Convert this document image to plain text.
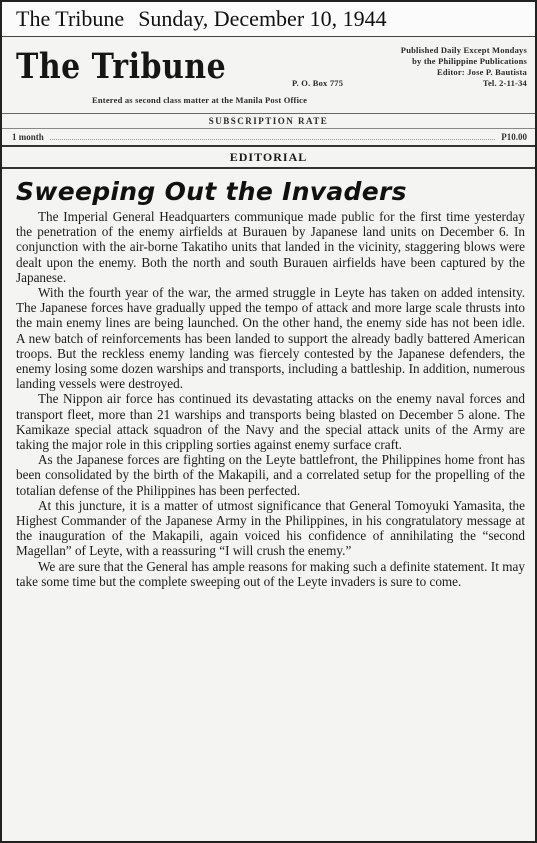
The Tribune Sunday, December 10, 1944
The Tribune	Published Daily Except Mondays
by the Philippine Publications
Editor: Jose P. Bautista
P. O. Box 775	Tel. 2-11-34
Entered as second class matter at the Manila Post Office
SUBSCRIPTION RATE
1 month	P10.00
EDITORIAL
Sweeping Out the Invaders

The Imperial General Headquarters communique made public for the first time yesterday the penetration of the enemy airfields at Burauen by Japanese land units on December 6. In conjunction with the air-borne Takatiho units that landed in the vicinity, staggering blows were dealt upon the enemy. Both the north and south Burauen airfields have been captured by the Japanese.

With the fourth year of the war, the armed struggle in Leyte has taken on added intensity. The Japanese forces have gradually upped the tempo of attack and more large scale thrusts into the main enemy lines are being launched. On the other hand, the enemy side has not been idle. A new batch of reinforcements has been landed to support the already badly battered American troops. But the reckless enemy landing was fiercely contested by the Japanese defenders, the enemy losing some dozen warships and transports, including a battleship. In addition, numerous landing vessels were destroyed.

The Nippon air force has continued its devastating attacks on the enemy naval forces and transport fleet, more than 21 warships and transports being blasted on December 5 alone. The Kamikaze special attack squadron of the Navy and the special attack units of the Army are taking the major role in this crippling sorties against enemy surface craft.

As the Japanese forces are fighting on the Leyte battlefront, the Philippines home front has been consolidated by the birth of the Makapili, and a correlated setup for the propelling of the totalian defense of the Philippines has been perfected.

At this juncture, it is a matter of utmost significance that General Tomoyuki Yamasita, the Highest Commander of the Japanese Army in the Philippines, in his congratulatory message at the inauguration of the Makapili, again voiced his confidence of annihilating the “second Magellan” of Leyte, with a reassuring “I will crush the enemy.”

We are sure that the General has ample reasons for making such a definite statement. It may take some time but the complete sweeping out of the Leyte invaders is sure to come.
